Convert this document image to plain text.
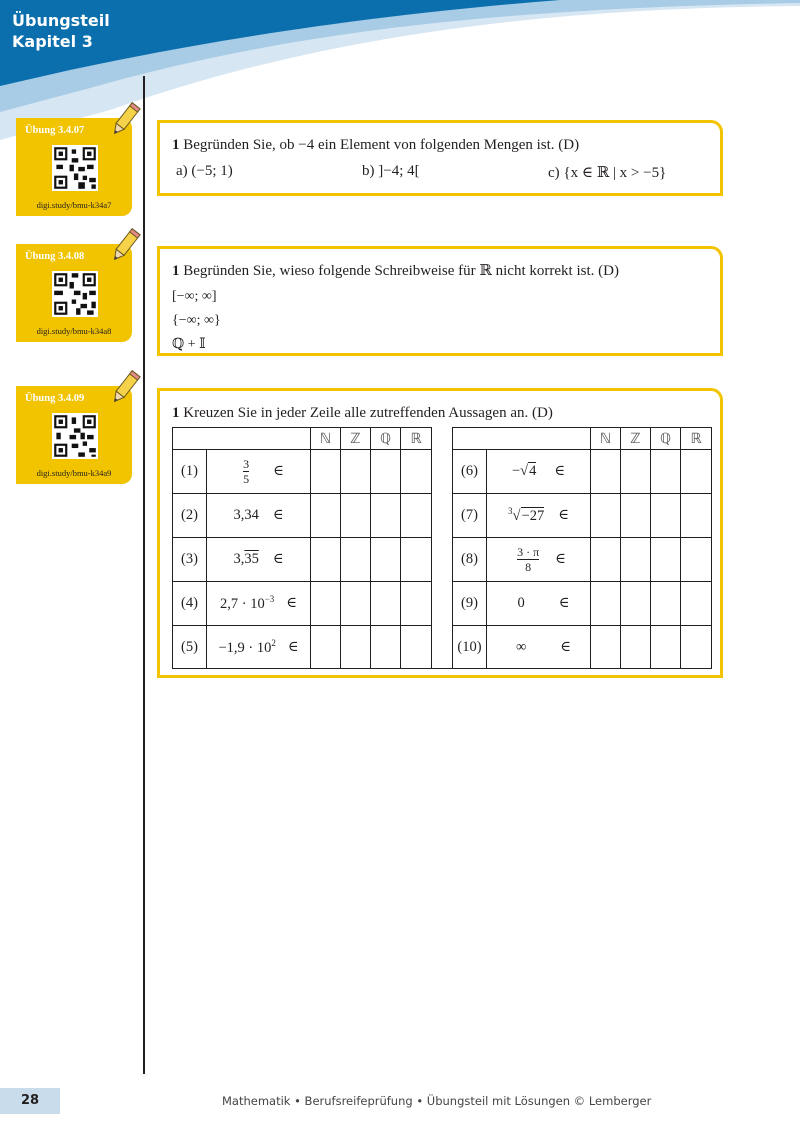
Übungsteil
Kapitel 3
Übung 3.4.07
digi.study/bmu-k34a7
Übung 3.4.08
digi.study/bmu-k34a8
Übung 3.4.09
digi.study/bmu-k34a9
1 Begründen Sie, ob −4 ein Element von folgenden Mengen ist. (D)
a) (−5; 1)	b) ]−4; 4[	c) {x ∈ ℝ | x > −5}
1 Begründen Sie, wieso folgende Schreibweise für ℝ nicht korrekt ist. (D)
[−∞; ∞]
{−∞; ∞}
ℚ + 𝕀
1 Kreuzen Sie in jeder Zeile alle zutreffenden Aussagen an. (D)
ℕ	ℤ	ℚ	ℝ	ℕ	ℤ	ℚ	ℝ
(1)	$\frac{3}{5}$ ∈
(2)	3,34 ∈
(3)	3,35 ∈
(4)	$2,7 \cdot 10^{-3}$ ∈
(5)	$-1,9 \cdot 10^2$ ∈
(6)	−√4 ∈
(7)	$^3$√−27 ∈
(8)	$\frac{3 \cdot \pi}{8}$ ∈
(9)	0 ∈
(10)	∞ ∈
28	Mathematik • Berufsreifeprüfung • Übungsteil mit Lösungen © Lemberger
